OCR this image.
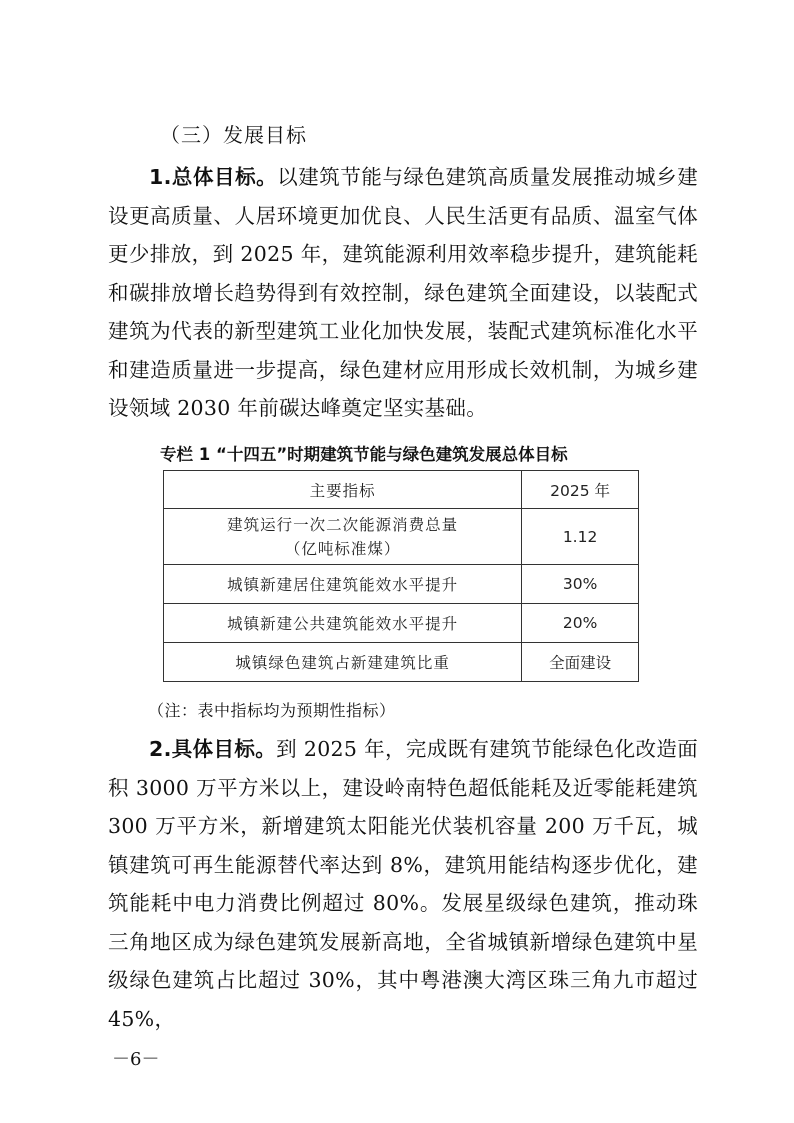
（三）发展目标
1.总体目标。以建筑节能与绿色建筑高质量发展推动城乡建设更高质量、人居环境更加优良、人民生活更有品质、温室气体更少排放，到 2025 年，建筑能源利用效率稳步提升，建筑能耗和碳排放增长趋势得到有效控制，绿色建筑全面建设，以装配式建筑为代表的新型建筑工业化加快发展，装配式建筑标准化水平和建造质量进一步提高，绿色建材应用形成长效机制，为城乡建设领域 2030 年前碳达峰奠定坚实基础。
专栏 1 “十四五”时期建筑节能与绿色建筑发展总体目标
主要指标	2025 年

建筑运行一次二次能源消费总量
（亿吨标准煤）	1.12
城镇新建居住建筑能效水平提升	30%
城镇新建公共建筑能效水平提升	20%
城镇绿色建筑占新建建筑比重	全面建设
（注：表中指标均为预期性指标）
2.具体目标。到 2025 年，完成既有建筑节能绿色化改造面积 3000 万平方米以上，建设岭南特色超低能耗及近零能耗建筑 300 万平方米，新增建筑太阳能光伏装机容量 200 万千瓦，城镇建筑可再生能源替代率达到 8%，建筑用能结构逐步优化，建筑能耗中电力消费比例超过 80%。发展星级绿色建筑，推动珠三角地区成为绿色建筑发展新高地，全省城镇新增绿色建筑中星级绿色建筑占比超过 30%，其中粤港澳大湾区珠三角九市超过 45%，
－6－
